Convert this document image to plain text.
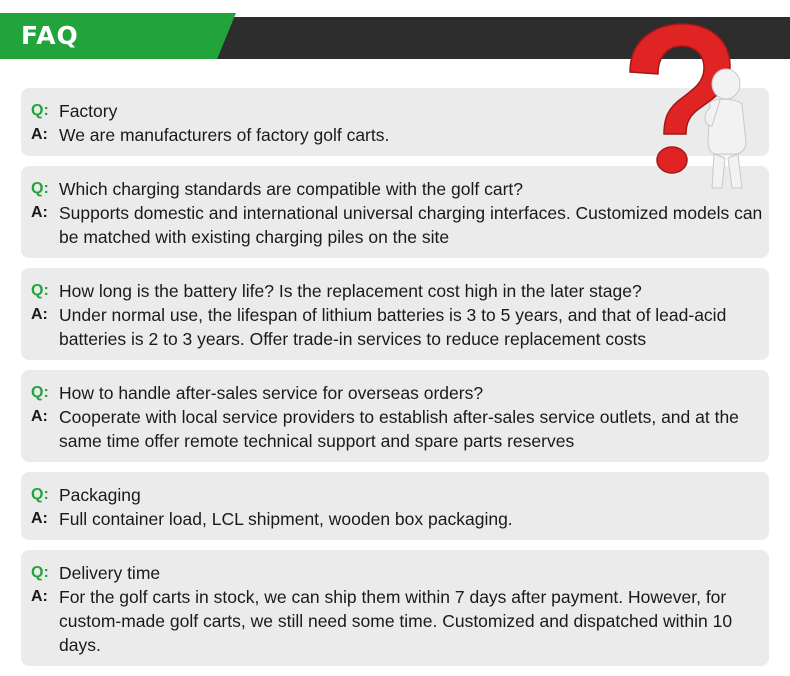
FAQ
Q: Factory
A: We are manufacturers of factory golf carts.
Q: Which charging standards are compatible with the golf cart?
A: Supports domestic and international universal charging interfaces. Customized models can be matched with existing charging piles on the site
Q: How long is the battery life? Is the replacement cost high in the later stage?
A: Under normal use, the lifespan of lithium batteries is 3 to 5 years, and that of lead-acid batteries is 2 to 3 years. Offer trade-in services to reduce replacement costs
Q: How to handle after-sales service for overseas orders?
A: Cooperate with local service providers to establish after-sales service outlets, and at the same time offer remote technical support and spare parts reserves
Q: Packaging
A: Full container load, LCL shipment, wooden box packaging.
Q: Delivery time
A: For the golf carts in stock, we can ship them within 7 days after payment. However, for custom-made golf carts, we still need some time. Customized and dispatched within 10 days.
